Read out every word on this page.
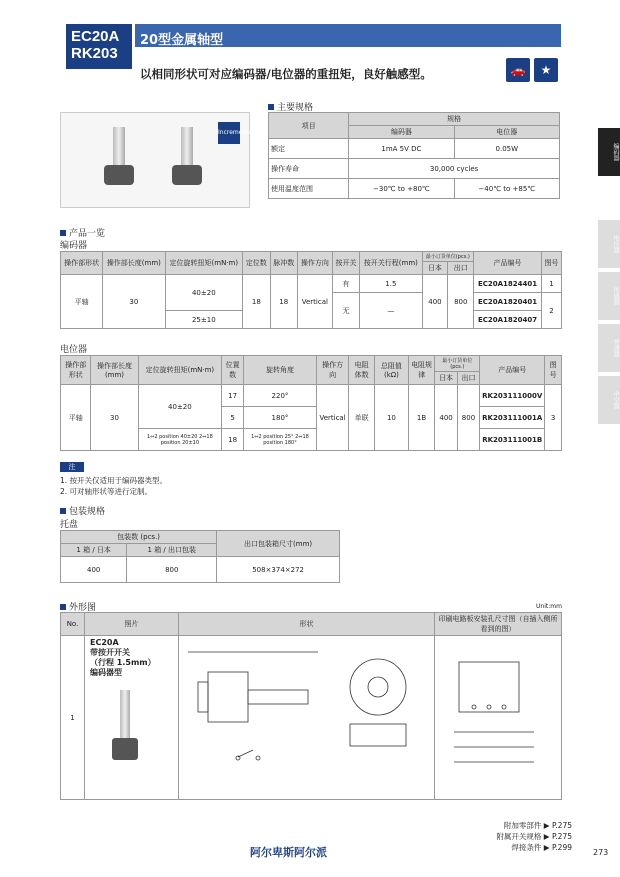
EC20A
RK203
20型金属轴型
以相同形状可对应编码器/电位器的重扭矩，良好触感型。	🚗	★
Incremental
主要规格
项目	规格	
	编码器	电位器
额定	1mA 5V DC	0.05W
操作寿命	30,000 cycles	
使用温度范围	−30℃ to +80℃	−40℃ to +85℃
产品一览
编码器
操作部形状	操作部长度(mm)	定位旋转扭矩(mN·m)	定位数	脉冲数	操作方向	按开关	按开关行程(mm)	最小订货单位(pcs.)		产品编号	图号
								日本	出口		
平轴	30	40±20	18	18	Vertical	有	1.5	400	800	EC20A1824401	1
						无	—			EC20A1820401	2
		25±10								EC20A1820407	
电位器
操作部形状	操作部长度(mm)	定位旋转扭矩(mN·m)	位置数	旋转角度	操作方向	电阻体数	总阻值(kΩ)	电阻规律	最小订货单位(pcs.)		产品编号	图号
									日本	出口		
平轴	30	40±20	17	220°	Vertical	单联	10	1B	400	800	RK203111000V	3
			5	180°							RK203111001A	
		1⇔2 position 40±20 2⇔18 position 20±10	18	1⇔2 position 25° 2⇔18 position 180°							RK203111001B	
注
1. 按开关仅适用于编码器类型。
2. 可对轴形状等进行定制。
包装规格
托盘
包装数 (pcs.)		出口包装箱尺寸(mm)
1 箱 / 日本	1 箱 / 出口包装	
400	800	508×374×272
外形图	Unit:mm
No.	照片	形状	印刷电路板安装孔尺寸图（自插入侧所看到的图）
1			
EC20A
带按开开关
（行程 1.5mm）
编码器型
编码器
电位器
传感器
普通器
中空器
附加零部件 ▶ P.275
附属开关规格 ▶ P.275
焊接条件 ▶ P.299
阿尔卑斯阿尔派	273
